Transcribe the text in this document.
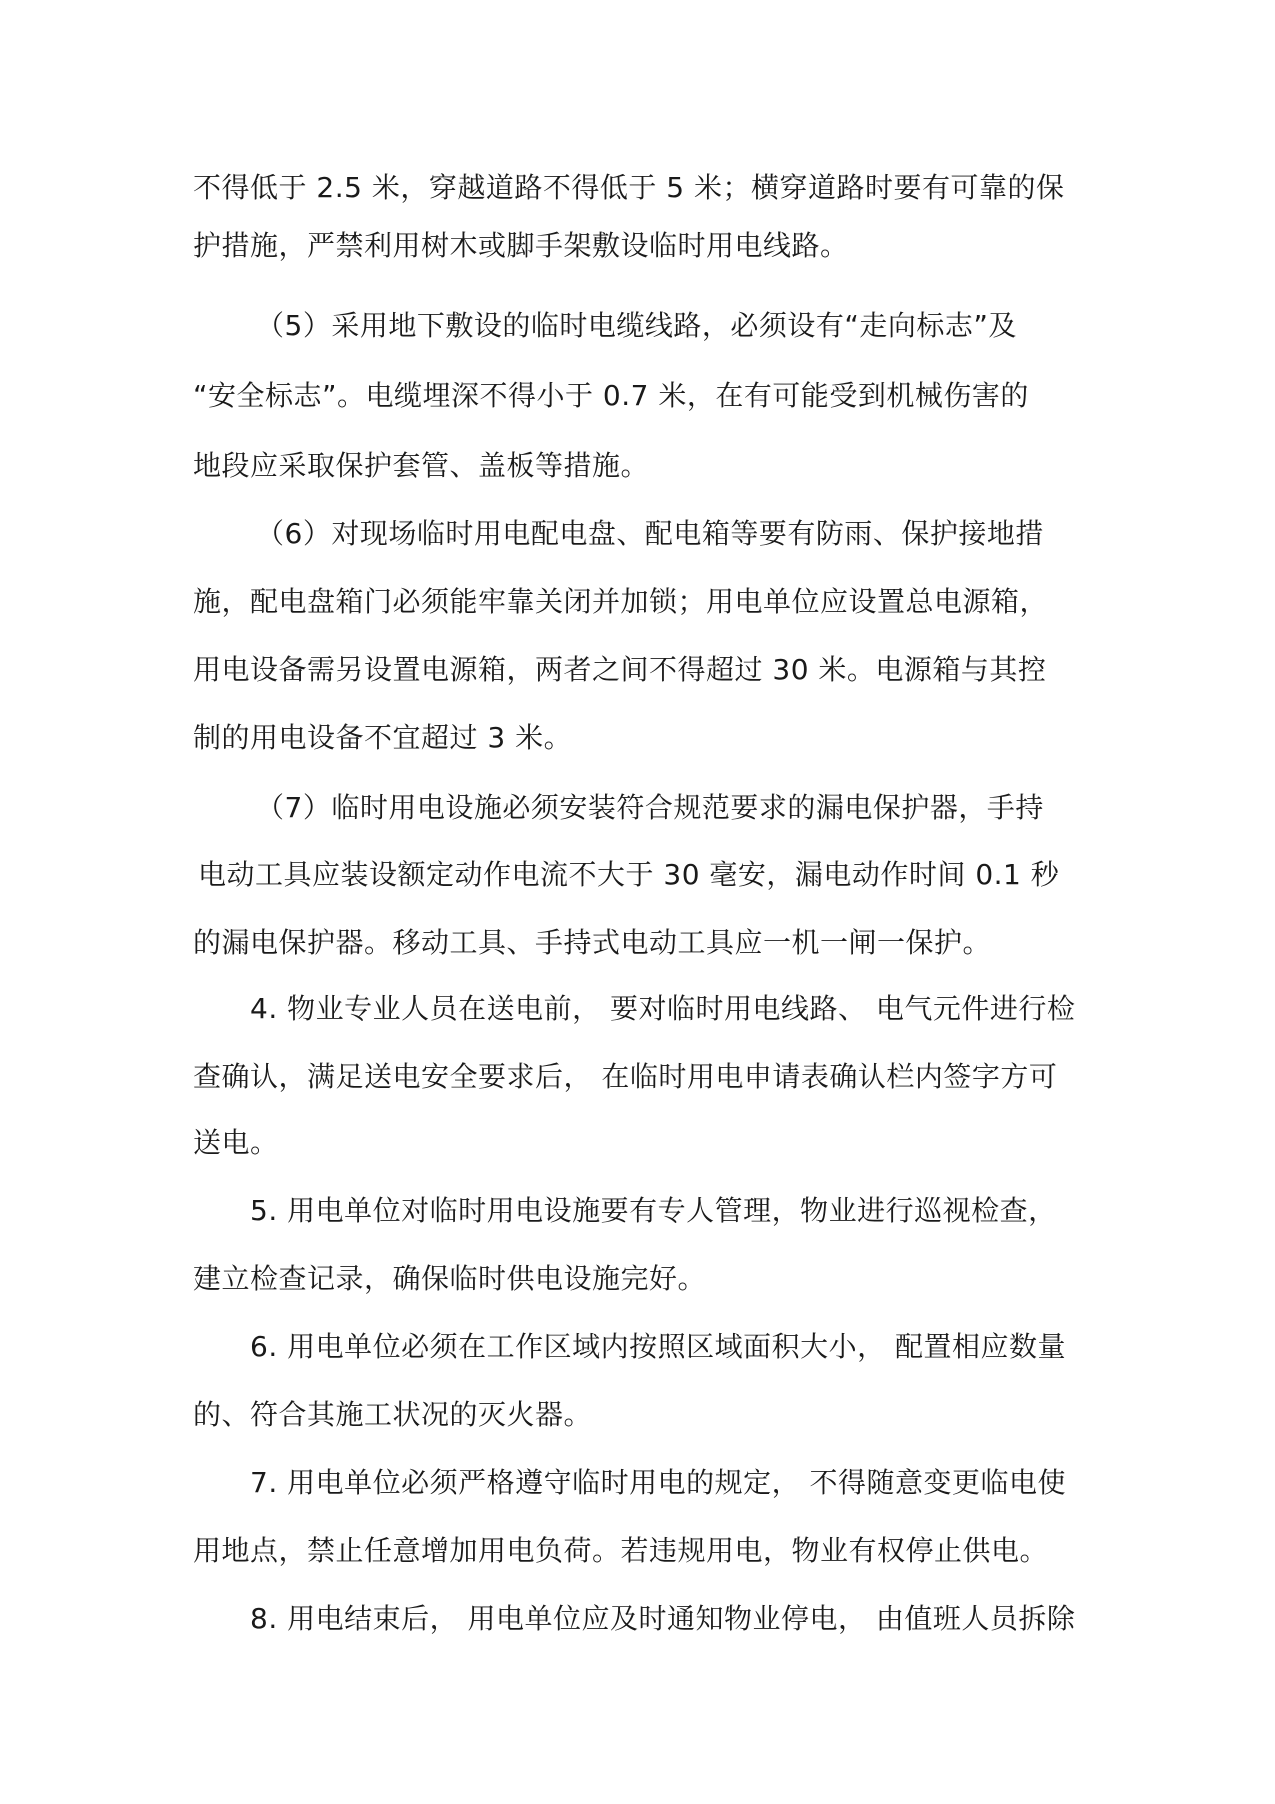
不得低于 2.5 米，穿越道路不得低于 5 米；横穿道路时要有可靠的保
护措施，严禁利用树木或脚手架敷设临时用电线路。
（5）采用地下敷设的临时电缆线路，必须设有“走向标志”及
“安全标志”。电缆埋深不得小于 0.7 米，在有可能受到机械伤害的
地段应采取保护套管、盖板等措施。
（6）对现场临时用电配电盘、配电箱等要有防雨、保护接地措
施，配电盘箱门必须能牢靠关闭并加锁；用电单位应设置总电源箱，
用电设备需另设置电源箱，两者之间不得超过 30 米。电源箱与其控
制的用电设备不宜超过 3 米。
（7）临时用电设施必须安装符合规范要求的漏电保护器，手持
电动工具应装设额定动作电流不大于 30 毫安，漏电动作时间 0.1 秒
的漏电保护器。移动工具、手持式电动工具应一机一闸一保护。
4. 物业专业人员在送电前， 要对临时用电线路、 电气元件进行检
查确认，满足送电安全要求后， 在临时用电申请表确认栏内签字方可
送电。
5. 用电单位对临时用电设施要有专人管理，物业进行巡视检查，
建立检查记录，确保临时供电设施完好。
6. 用电单位必须在工作区域内按照区域面积大小， 配置相应数量
的、符合其施工状况的灭火器。
7. 用电单位必须严格遵守临时用电的规定， 不得随意变更临电使
用地点，禁止任意增加用电负荷。若违规用电，物业有权停止供电。
8. 用电结束后， 用电单位应及时通知物业停电， 由值班人员拆除
